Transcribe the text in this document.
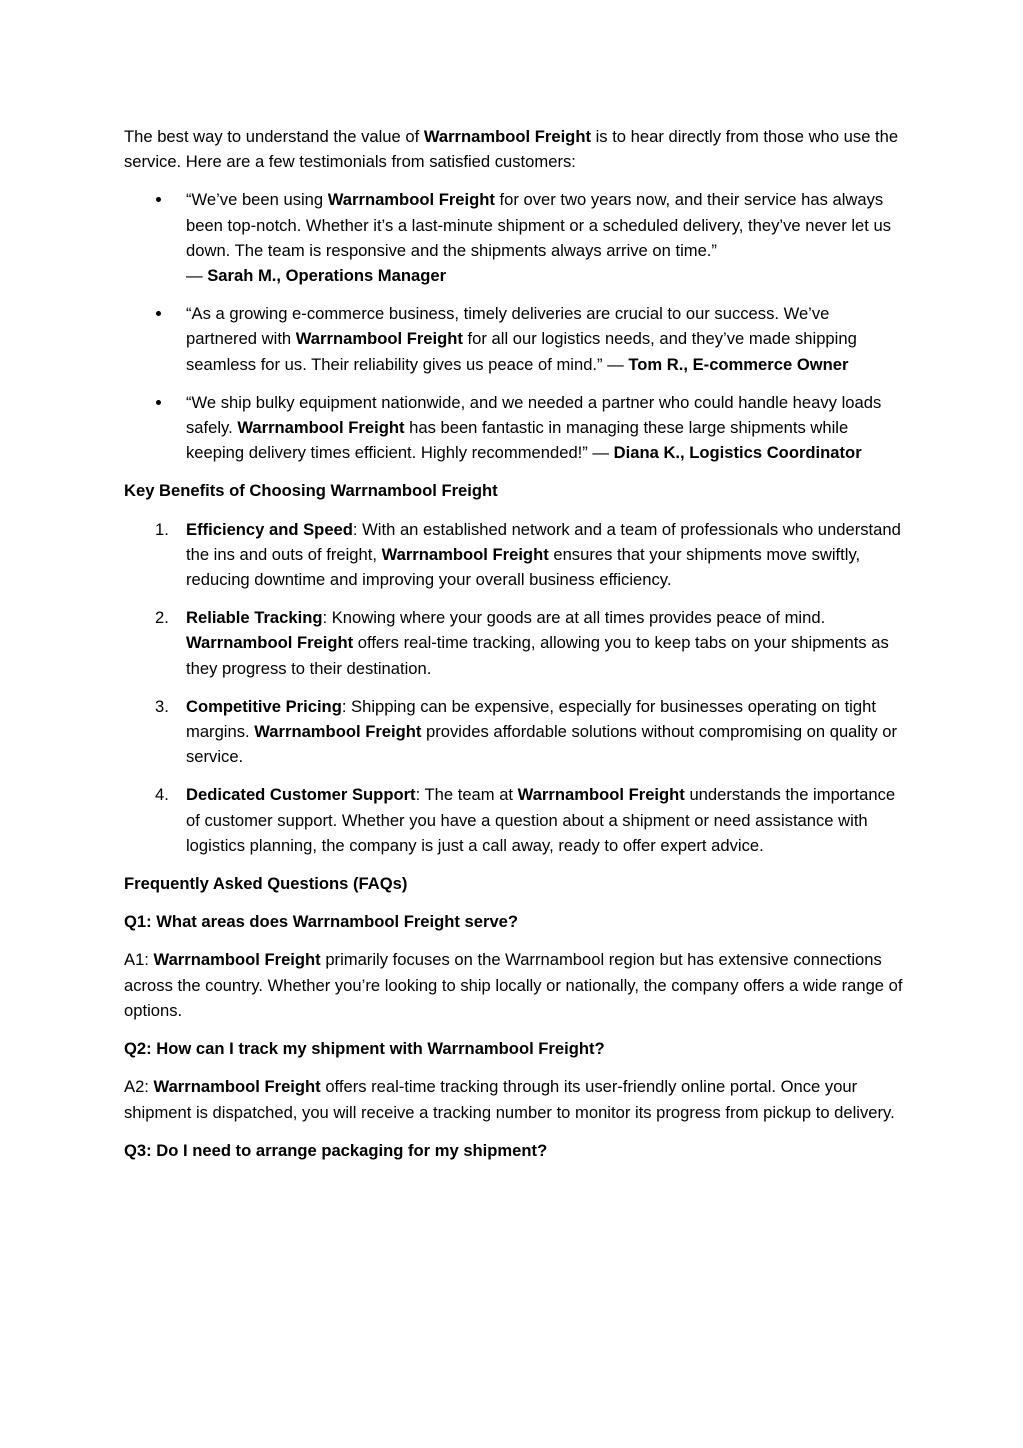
The best way to understand the value of Warrnambool Freight is to hear directly from those who use the service. Here are a few testimonials from satisfied customers:

“We’ve been using Warrnambool Freight for over two years now, and their service has always been top-notch. Whether it’s a last-minute shipment or a scheduled delivery, they’ve never let us down. The team is responsive and the shipments always arrive on time.”
— Sarah M., Operations Manager
“As a growing e-commerce business, timely deliveries are crucial to our success. We’ve partnered with Warrnambool Freight for all our logistics needs, and they’ve made shipping seamless for us. Their reliability gives us peace of mind.” — Tom R., E-commerce Owner
“We ship bulky equipment nationwide, and we needed a partner who could handle heavy loads safely. Warrnambool Freight has been fantastic in managing these large shipments while keeping delivery times efficient. Highly recommended!” — Diana K., Logistics Coordinator

Key Benefits of Choosing Warrnambool Freight

1. Efficiency and Speed: With an established network and a team of professionals who understand the ins and outs of freight, Warrnambool Freight ensures that your shipments move swiftly, reducing downtime and improving your overall business efficiency.
2. Reliable Tracking: Knowing where your goods are at all times provides peace of mind. Warrnambool Freight offers real-time tracking, allowing you to keep tabs on your shipments as they progress to their destination.
3. Competitive Pricing: Shipping can be expensive, especially for businesses operating on tight margins. Warrnambool Freight provides affordable solutions without compromising on quality or service.
4. Dedicated Customer Support: The team at Warrnambool Freight understands the importance of customer support. Whether you have a question about a shipment or need assistance with logistics planning, the company is just a call away, ready to offer expert advice.

Frequently Asked Questions (FAQs)

Q1: What areas does Warrnambool Freight serve?

A1: Warrnambool Freight primarily focuses on the Warrnambool region but has extensive connections across the country. Whether you’re looking to ship locally or nationally, the company offers a wide range of options.

Q2: How can I track my shipment with Warrnambool Freight?

A2: Warrnambool Freight offers real-time tracking through its user-friendly online portal. Once your shipment is dispatched, you will receive a tracking number to monitor its progress from pickup to delivery.

Q3: Do I need to arrange packaging for my shipment?
